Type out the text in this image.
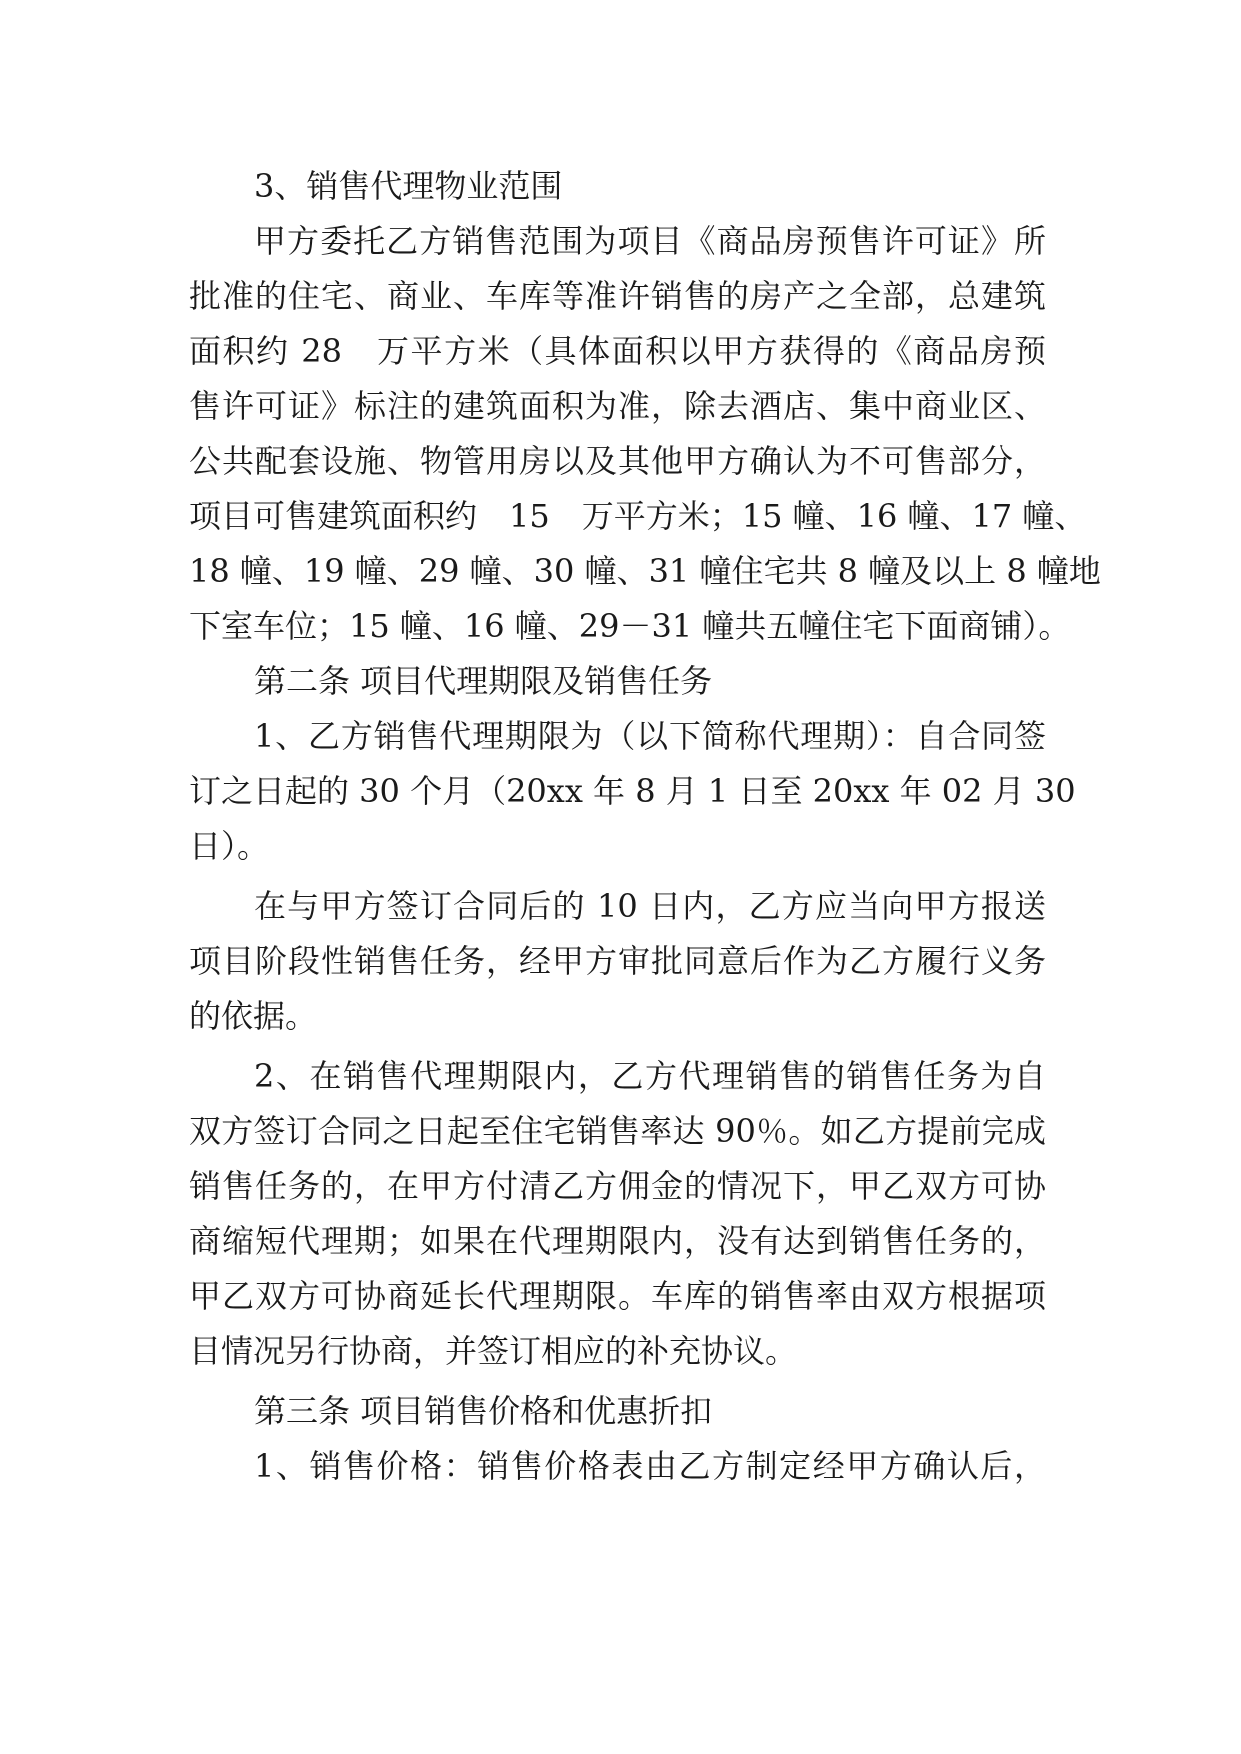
3、销售代理物业范围
甲方委托乙方销售范围为项目《商品房预售许可证》所
批准的住宅、商业、车库等准许销售的房产之全部，总建筑
面积约 28　万平方米（具体面积以甲方获得的《商品房预
售许可证》标注的建筑面积为准，除去酒店、集中商业区、
公共配套设施、物管用房以及其他甲方确认为不可售部分，
项目可售建筑面积约　15　万平方米；15 幢、16 幢、17 幢、
18 幢、19 幢、29 幢、30 幢、31 幢住宅共 8 幢及以上 8 幢地
下室车位；15 幢、16 幢、29－31 幢共五幢住宅下面商铺）。
第二条 项目代理期限及销售任务
1、乙方销售代理期限为（以下简称代理期）：自合同签
订之日起的 30 个月（20xx 年 8 月 1 日至 20xx 年 02 月 30
日）。
在与甲方签订合同后的 10 日内，乙方应当向甲方报送
项目阶段性销售任务，经甲方审批同意后作为乙方履行义务
的依据。
2、在销售代理期限内，乙方代理销售的销售任务为自
双方签订合同之日起至住宅销售率达 90％。如乙方提前完成
销售任务的，在甲方付清乙方佣金的情况下，甲乙双方可协
商缩短代理期；如果在代理期限内，没有达到销售任务的，
甲乙双方可协商延长代理期限。车库的销售率由双方根据项
目情况另行协商，并签订相应的补充协议。
第三条 项目销售价格和优惠折扣
1、销售价格：销售价格表由乙方制定经甲方确认后，
